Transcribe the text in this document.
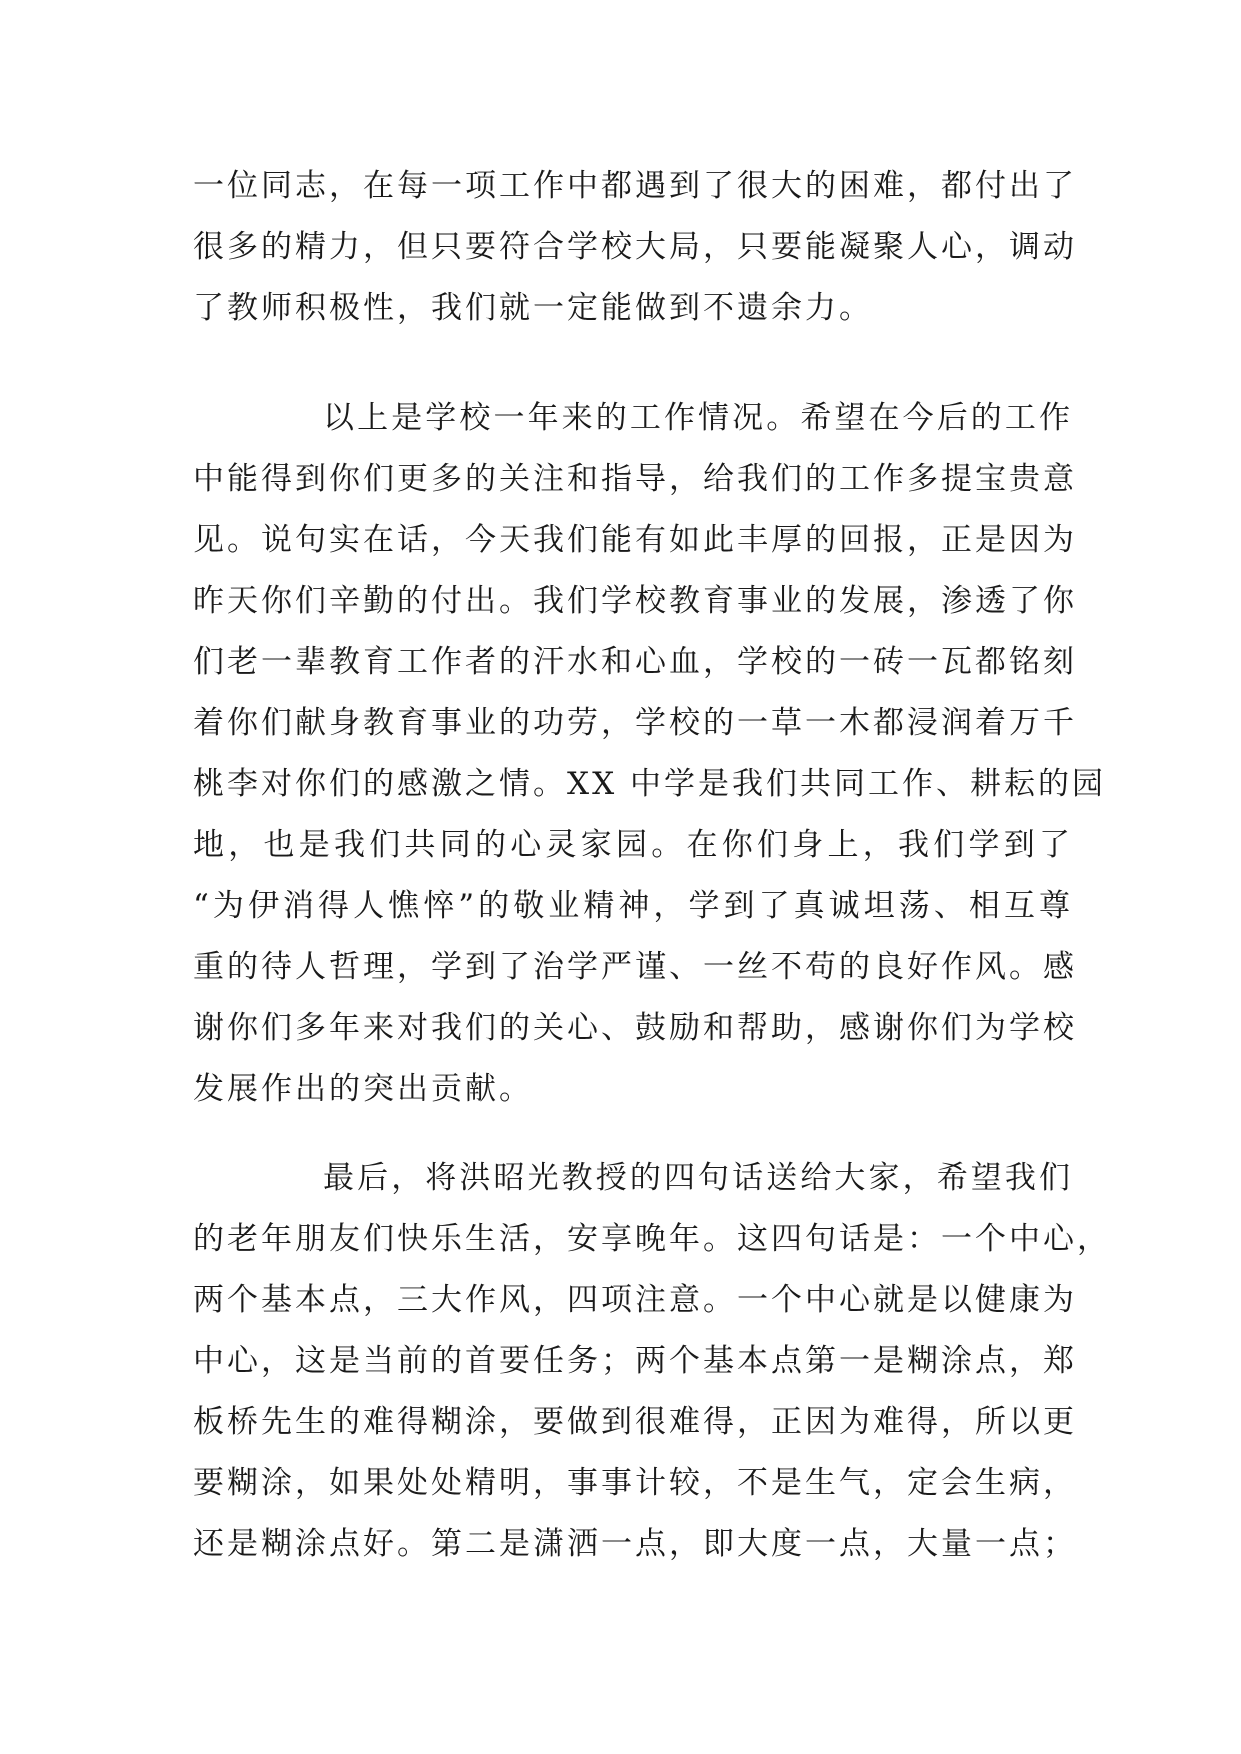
一位同志，在每一项工作中都遇到了很大的困难，都付出了
很多的精力，但只要符合学校大局，只要能凝聚人心，调动
了教师积极性，我们就一定能做到不遗余力。
以上是学校一年来的工作情况。希望在今后的工作
中能得到你们更多的关注和指导，给我们的工作多提宝贵意
见。说句实在话，今天我们能有如此丰厚的回报，正是因为
昨天你们辛勤的付出。我们学校教育事业的发展，渗透了你
们老一辈教育工作者的汗水和心血，学校的一砖一瓦都铭刻
着你们献身教育事业的功劳，学校的一草一木都浸润着万千
桃李对你们的感激之情。XX 中学是我们共同工作、耕耘的园
地，也是我们共同的心灵家园。在你们身上，我们学到了
“为伊消得人憔悴”的敬业精神，学到了真诚坦荡、相互尊
重的待人哲理，学到了治学严谨、一丝不苟的良好作风。感
谢你们多年来对我们的关心、鼓励和帮助，感谢你们为学校
发展作出的突出贡献。
最后，将洪昭光教授的四句话送给大家，希望我们
的老年朋友们快乐生活，安享晚年。这四句话是：一个中心，
两个基本点，三大作风，四项注意。一个中心就是以健康为
中心，这是当前的首要任务；两个基本点第一是糊涂点，郑
板桥先生的难得糊涂，要做到很难得，正因为难得，所以更
要糊涂，如果处处精明，事事计较，不是生气，定会生病，
还是糊涂点好。第二是潇洒一点，即大度一点，大量一点；
